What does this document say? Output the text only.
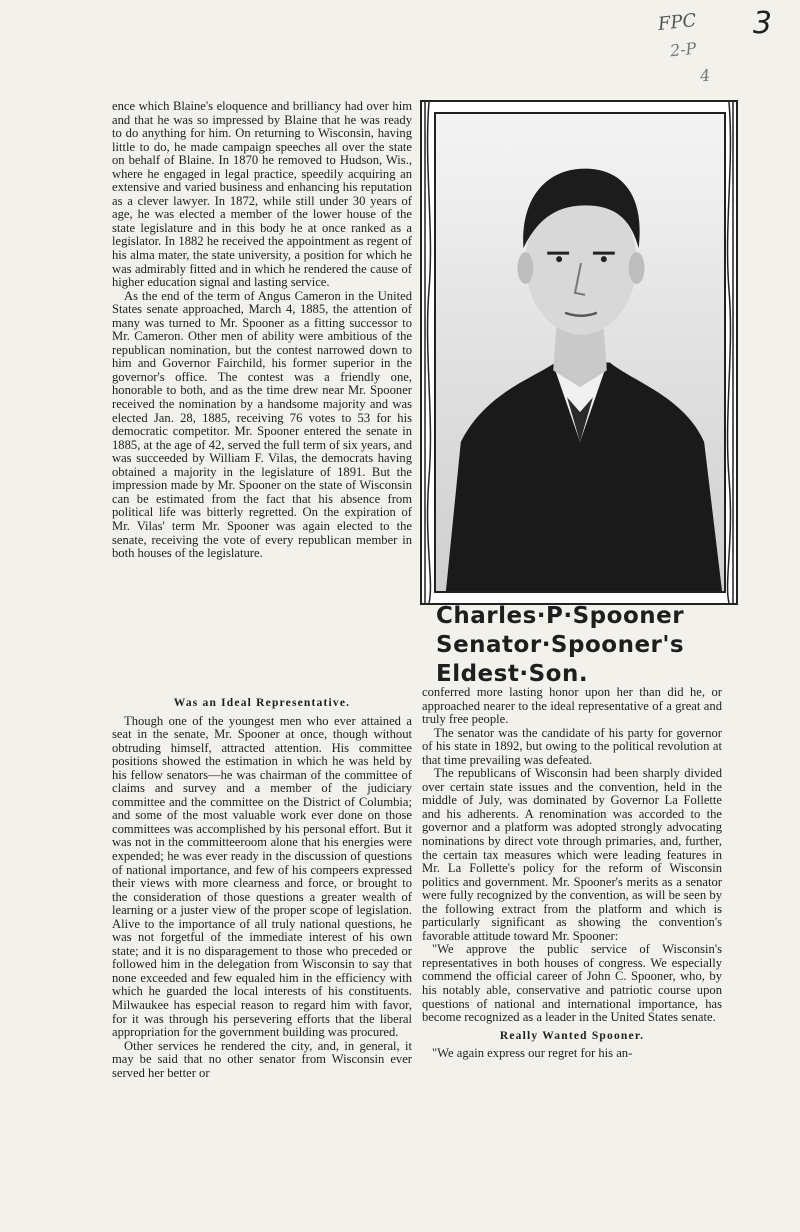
3
FPC
2-P
4

ence which Blaine's eloquence and brilliancy had over him and that he was so impressed by Blaine that he was ready to do anything for him. On returning to Wisconsin, having little to do, he made campaign speeches all over the state on behalf of Blaine. In 1870 he removed to Hudson, Wis., where he engaged in legal practice, speedily acquiring an extensive and varied business and enhancing his reputation as a clever lawyer. In 1872, while still under 30 years of age, he was elected a member of the lower house of the state legislature and in this body he at once ranked as a legislator. In 1882 he received the appointment as regent of his alma mater, the state university, a position for which he was admirably fitted and in which he rendered the cause of higher education signal and lasting service.

As the end of the term of Angus Cameron in the United States senate approached, March 4, 1885, the attention of many was turned to Mr. Spooner as a fitting successor to Mr. Cameron. Other men of ability were ambitious of the republican nomination, but the contest narrowed down to him and Governor Fairchild, his former superior in the governor's office. The contest was a friendly one, honorable to both, and as the time drew near Mr. Spooner received the nomination by a handsome majority and was elected Jan. 28, 1885, receiving 76 votes to 53 for his democratic competitor. Mr. Spooner entered the senate in 1885, at the age of 42, served the full term of six years, and was succeeded by William F. Vilas, the democrats having obtained a majority in the legislature of 1891. But the impression made by Mr. Spooner on the state of Wisconsin can be estimated from the fact that his absence from political life was bitterly regretted. On the expiration of Mr. Vilas' term Mr. Spooner was again elected to the senate, receiving the vote of every republican member in both houses of the legislature.

Was an Ideal Representative.

Though one of the youngest men who ever attained a seat in the senate, Mr. Spooner at once, though without obtruding himself, attracted attention. His committee positions showed the estimation in which he was held by his fellow senators—he was chairman of the committee of claims and survey and a member of the judiciary committee and the committee on the District of Columbia; and some of the most valuable work ever done on those committees was accomplished by his personal effort. But it was not in the committeeroom alone that his energies were expended; he was ever ready in the discussion of questions of national importance, and few of his compeers expressed their views with more clearness and force, or brought to the consideration of those questions a greater wealth of learning or a juster view of the proper scope of legislation. Alive to the importance of all truly national questions, he was not forgetful of the immediate interest of his own state; and it is no disparagement to those who preceded or followed him in the delegation from Wisconsin to say that none exceeded and few equaled him in the efficiency with which he guarded the local interests of his constituents. Milwaukee has especial reason to regard him with favor, for it was through his persevering efforts that the liberal appropriation for the government building was procured.

Other services he rendered the city, and, in general, it may be said that no other senator from Wisconsin ever served her better or

Charles·P·Spooner
Senator·Spooner's
Eldest·Son.

conferred more lasting honor upon her than did he, or approached nearer to the ideal representative of a great and truly free people.

The senator was the candidate of his party for governor of his state in 1892, but owing to the political revolution at that time prevailing was defeated.

The republicans of Wisconsin had been sharply divided over certain state issues and the convention, held in the middle of July, was dominated by Governor La Follette and his adherents. A renomination was accorded to the governor and a platform was adopted strongly advocating nominations by direct vote through primaries, and, further, the certain tax measures which were leading features in Mr. La Follette's policy for the reform of Wisconsin politics and government. Mr. Spooner's merits as a senator were fully recognized by the convention, as will be seen by the following extract from the platform and which is particularly significant as showing the convention's favorable attitude toward Mr. Spooner:

"We approve the public service of Wisconsin's representatives in both houses of congress. We especially commend the official career of John C. Spooner, who, by his notably able, conservative and patriotic course upon questions of national and international importance, has become recognized as a leader in the United States senate.

Really Wanted Spooner.

"We again express our regret for his an-
